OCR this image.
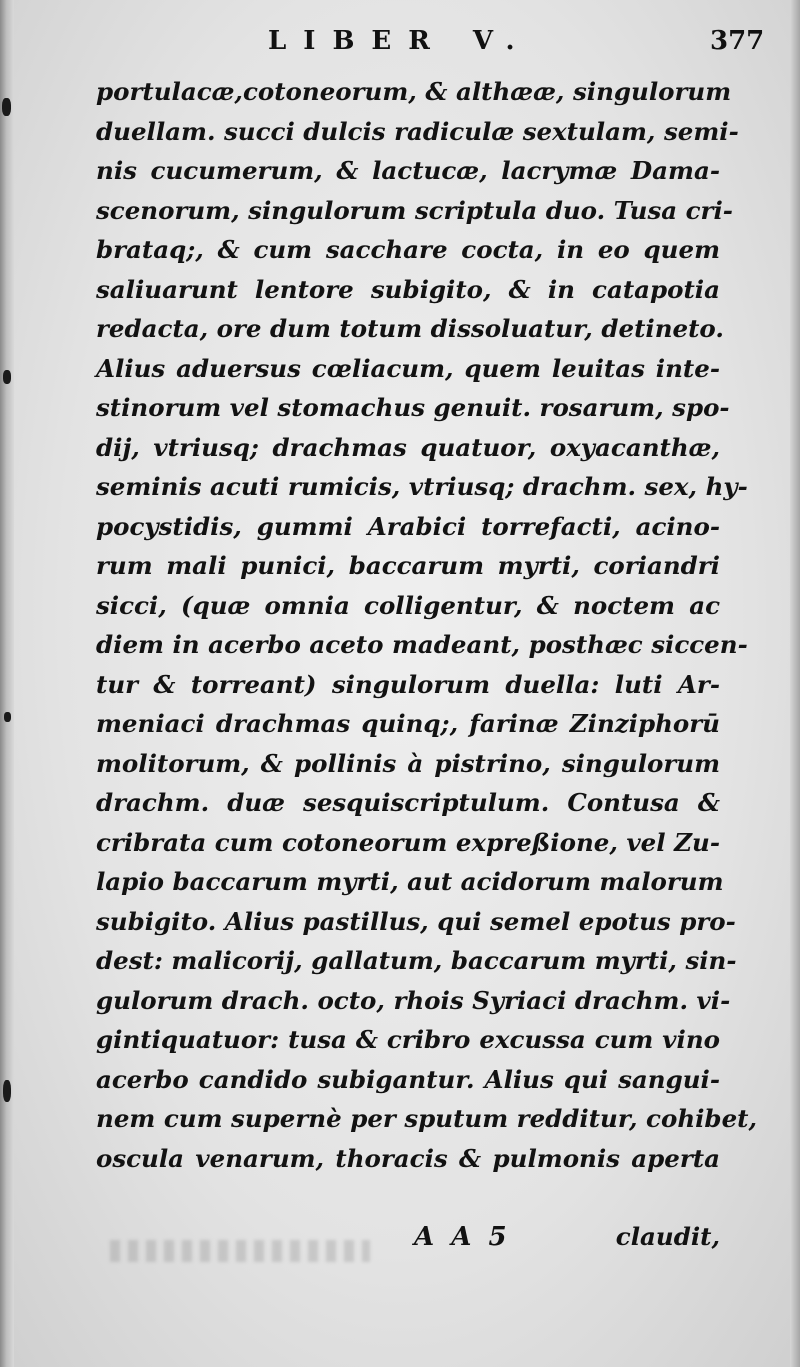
LIBER V.	377
portulacæ,cotoneorum, & althææ, singulorum
duellam. succi dulcis radiculæ sextulam, semi-
nis cucumerum, & lactucæ, lacrymæ Dama-
scenorum, singulorum scriptula duo. Tusa cri-
brataq;, & cum sacchare cocta, in eo quem
saliuarunt lentore subigito, & in catapotia
redacta, ore dum totum dissoluatur, detineto.
Alius aduersus cœliacum, quem leuitas inte-
stinorum vel stomachus genuit. rosarum, spo-
dij, vtriusq; drachmas quatuor, oxyacanthæ,
seminis acuti rumicis, vtriusq; drachm. sex, hy-
pocystidis, gummi Arabici torrefacti, acino-
rum mali punici, baccarum myrti, coriandri
sicci, (quæ omnia colligentur, & noctem ac
diem in acerbo aceto madeant, posthæc siccen-
tur & torreant) singulorum duella: luti Ar-
meniaci drachmas quinq;, farinæ Zinziphorū
molitorum, & pollinis à pistrino, singulorum
drachm. duæ sesquiscriptulum. Contusa &
cribrata cum cotoneorum expreßione, vel Zu-
lapio baccarum myrti, aut acidorum malorum
subigito. Alius pastillus, qui semel epotus pro-
dest: malicorij, gallatum, baccarum myrti, sin-
gulorum drach. octo, rhois Syriaci drachm. vi-
gintiquatuor: tusa & cribro excussa cum vino
acerbo candido subigantur. Alius qui sangui-
nem cum supernè per sputum redditur, cohibet,
oscula venarum, thoracis & pulmonis aperta
A A 5	claudit,
